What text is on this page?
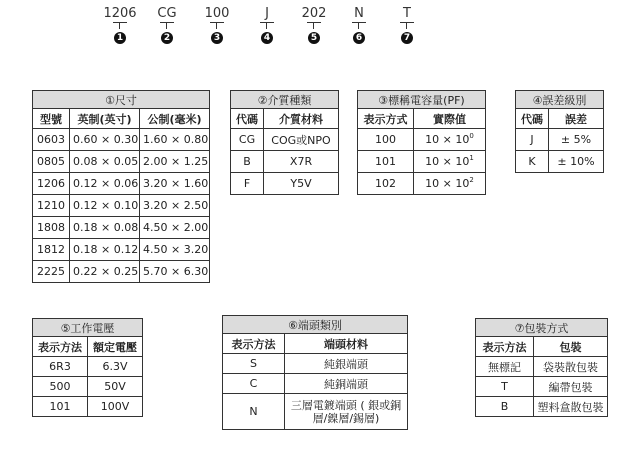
1206
1
CG
2
100
3
J
4
202
5
N
6
T
7
①尺寸		
型號	英制(英寸)	公制(毫米)
0603	0.60 × 0.30	1.60 × 0.80
0805	0.08 × 0.05	2.00 × 1.25
1206	0.12 × 0.06	3.20 × 1.60
1210	0.12 × 0.10	3.20 × 2.50
1808	0.18 × 0.08	4.50 × 2.00
1812	0.18 × 0.12	4.50 × 3.20
2225	0.22 × 0.25	5.70 × 6.30
②介質種類	
代碼	介質材料
CG	COG或NPO
B	X7R
F	Y5V
③標稱電容量(PF)	
表示方式	實際值
100	$10 \times 10^0$
101	$10 \times 10^1$
102	$10 \times 10^2$
④誤差級別	
代碼	誤差
J	± 5%
K	± 10%
⑤工作電壓	
表示方法	額定電壓
6R3	6.3V
500	50V
101	100V
⑥端頭類別	
表示方法	端頭材料
S	純銀端頭
C	純銅端頭
N	三層電鍍端頭 ( 銀或銅層/鎳層/錫層)
⑦包裝方式	
表示方法	包裝
無標記	袋裝散包裝
T	編帶包裝
B	塑料盒散包裝
